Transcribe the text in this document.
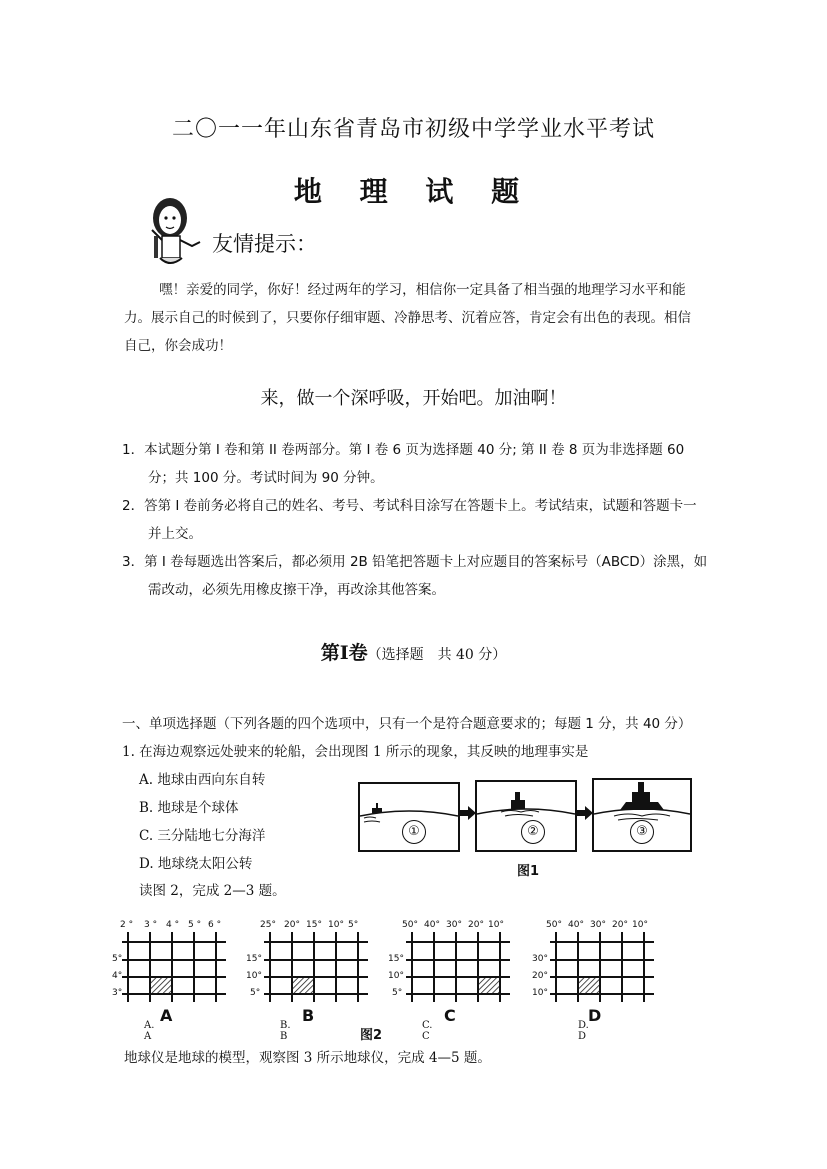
二〇一一年山东省青岛市初级中学学业水平考试
地 理 试 题
友情提示：
嘿！亲爱的同学，你好！经过两年的学习，相信你一定具备了相当强的地理学习水平和能力。展示自己的时候到了，只要你仔细审题、冷静思考、沉着应答，肯定会有出色的表现。相信自己，你会成功！
来，做一个深呼吸，开始吧。加油啊！
1．本试题分第 I 卷和第 II 卷两部分。第 I 卷 6 页为选择题 40 分; 第 II 卷 8 页为非选择题 60 分；共 100 分。考试时间为 90 分钟。
2．答第 I 卷前务必将自己的姓名、考号、考试科目涂写在答题卡上。考试结束，试题和答题卡一并上交。
3．第 I 卷每题选出答案后，都必须用 2B 铅笔把答题卡上对应题目的答案标号（ABCD）涂黑，如需改动，必须先用橡皮擦干净，再改涂其他答案。
第Ⅰ卷（选择题　共 40 分）
一、单项选择题（下列各题的四个选项中，只有一个是符合题意要求的；每题 1 分，共 40 分）
1. 在海边观察远处驶来的轮船，会出现图 1 所示的现象，其反映的地理事实是
A. 地球由西向东自转
B. 地球是个球体
C. 三分陆地七分海洋
D. 地球绕太阳公转
读图 2，完成 2—3 题。
①	②	③
图1
2 ° 3 ° 4 ° 5 ° 6 °
5°
4°
3°
A
A. A
25° 20° 15° 10° 5°
15°
10°
5°
B
B. B
50° 40° 30° 20° 10°
15°
10°
5°
C
C. C
50° 40° 30° 20° 10°
30°
20°
10°
D
D. D
图2
地球仪是地球的模型，观察图 3 所示地球仪，完成 4—5 题。
